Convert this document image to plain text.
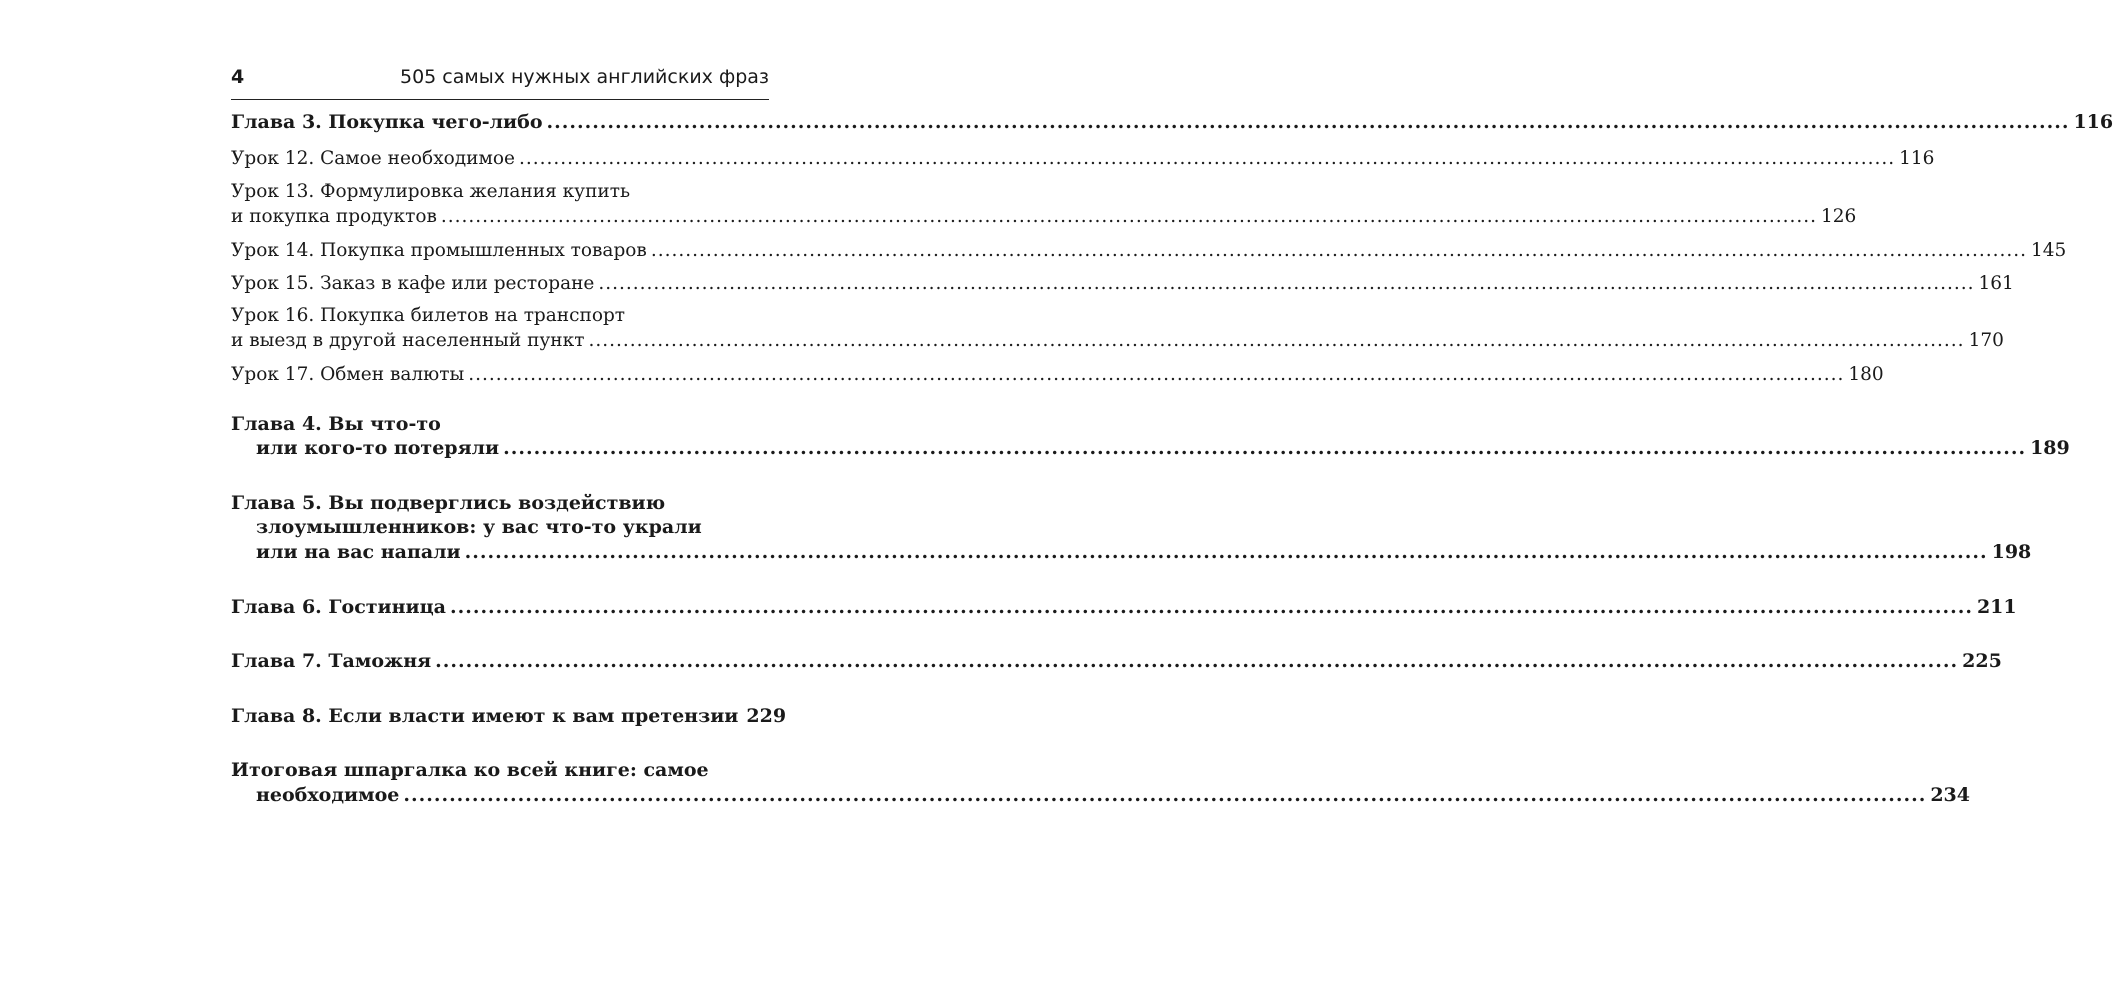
4	505 самых нужных английских фраз
Глава 3. Покупка чего-либо .....	116
Урок 12. Самое необходимое .....	116
Урок 13. Формулировка желания купить
и покупка продуктов .....	126
Урок 14. Покупка промышленных товаров .....	145
Урок 15. Заказ в кафе или ресторане .....	161
Урок 16. Покупка билетов на транспорт
и выезд в другой населенный пункт .....	170
Урок 17. Обмен валюты .....	180
Глава 4. Вы что-то
или кого-то потеряли .....	189
Глава 5. Вы подверглись воздействию
злоумышленников: у вас что-то украли
или на вас напали .....	198
Глава 6. Гостиница .....	211
Глава 7. Таможня .....	225
Глава 8. Если власти имеют к вам претензии 229
Итоговая шпаргалка ко всей книге: самое
необходимое .....	234
